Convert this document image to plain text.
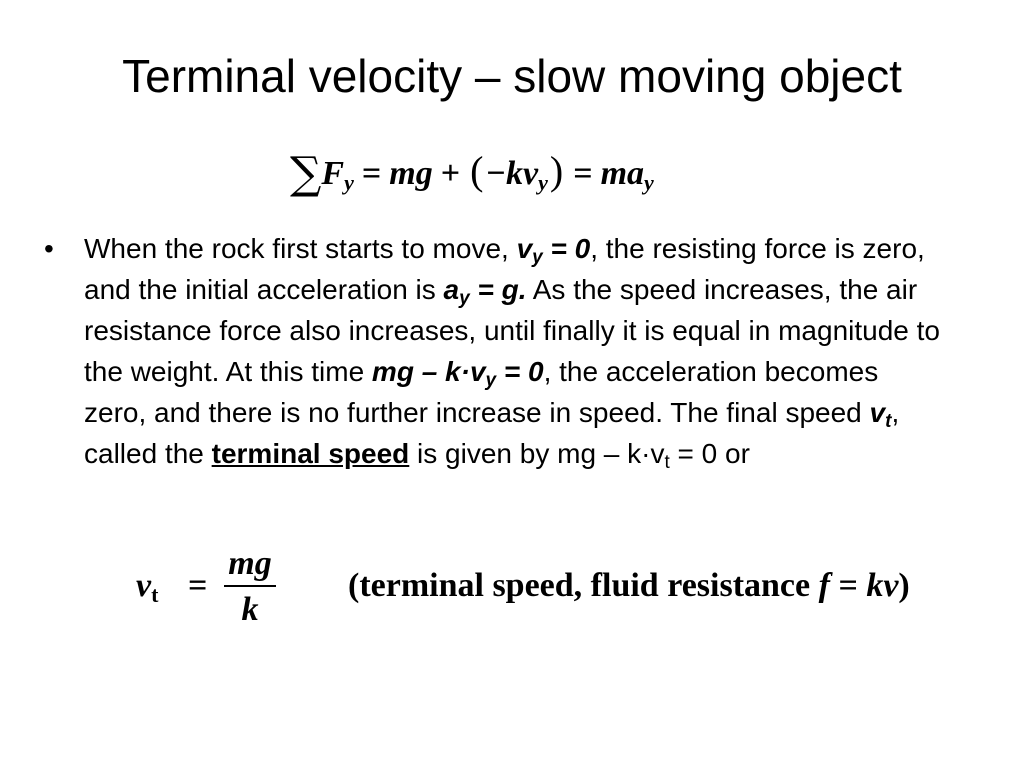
Terminal velocity – slow moving object
$\sum F_y$ = mg + $(-kv_y) = ma_y$
•	When the rock first starts to move, $v_y = 0$, the resisting force is zero, and the initial acceleration is $a_y = g$. As the speed increases, the air resistance force also increases, until finally it is equal in magnitude to the weight. At this time mg – $k\cdot v_y = 0$, the acceleration becomes zero, and there is no further increase in speed. The final speed $v_t$, called the terminal speed is given by mg – $k\cdot v_t = 0$ or
$v_t$ =
mg
k
(terminal speed, fluid resistance f = kv)
